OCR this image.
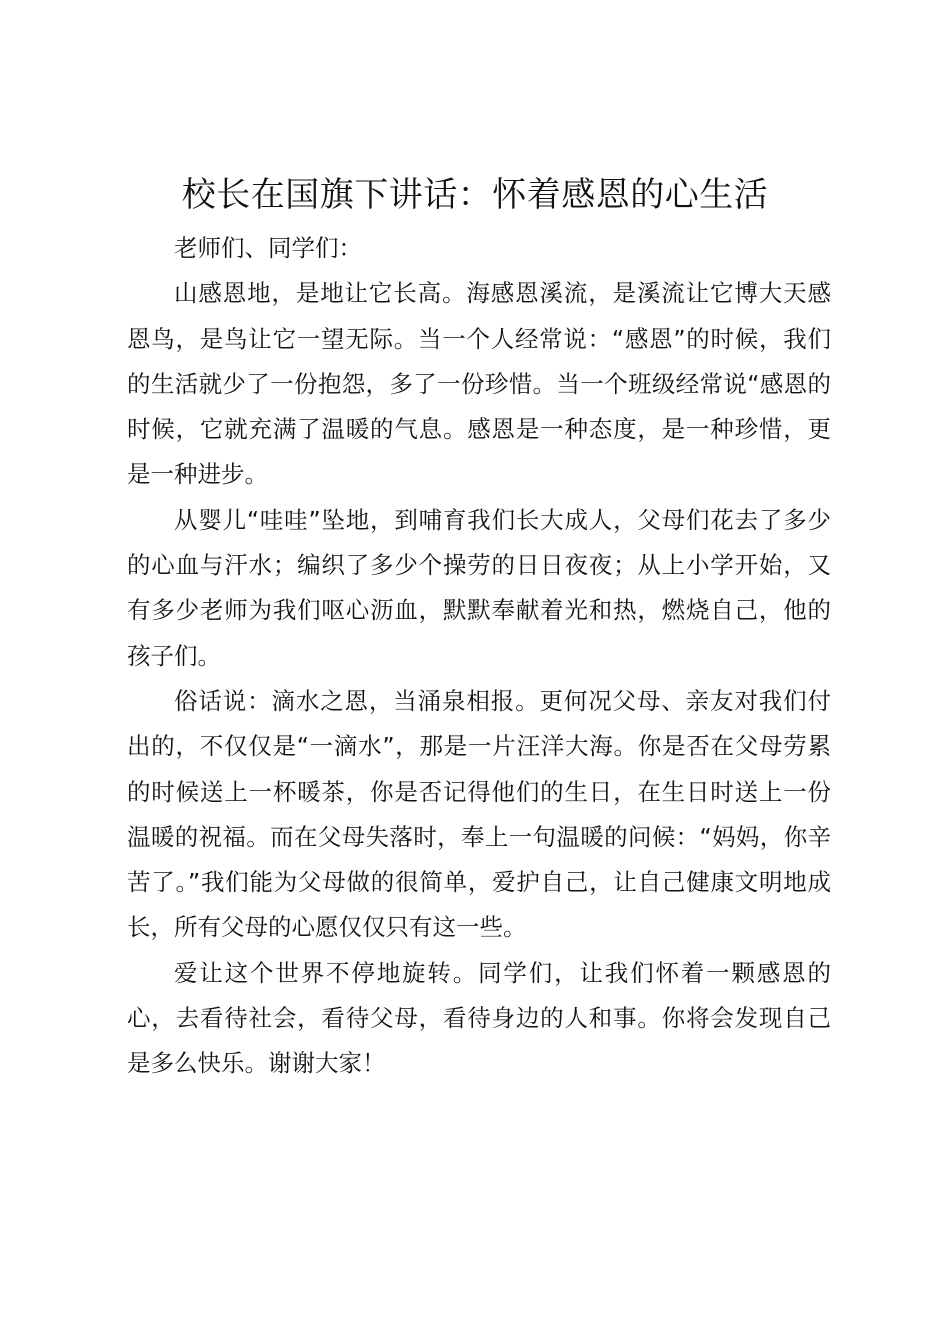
校长在国旗下讲话：怀着感恩的心生活

老师们、同学们：

山感恩地，是地让它长高。海感恩溪流，是溪流让它博大天感恩鸟，是鸟让它一望无际。当一个人经常说：“感恩”的时候，我们的生活就少了一份抱怨，多了一份珍惜。当一个班级经常说“感恩的时候，它就充满了温暖的气息。感恩是一种态度，是一种珍惜，更是一种进步。

从婴儿“哇哇”坠地，到哺育我们长大成人，父母们花去了多少的心血与汗水；编织了多少个操劳的日日夜夜；从上小学开始，又有多少老师为我们呕心沥血，默默奉献着光和热，燃烧自己，他的孩子们。

俗话说：滴水之恩，当涌泉相报。更何况父母、亲友对我们付出的，不仅仅是“一滴水”，那是一片汪洋大海。你是否在父母劳累的时候送上一杯暖茶，你是否记得他们的生日，在生日时送上一份温暖的祝福。而在父母失落时，奉上一句温暖的问候：“妈妈，你辛苦了。”我们能为父母做的很简单，爱护自己，让自己健康文明地成长，所有父母的心愿仅仅只有这一些。

爱让这个世界不停地旋转。同学们，让我们怀着一颗感恩的心，去看待社会，看待父母，看待身边的人和事。你将会发现自己是多么快乐。谢谢大家！
